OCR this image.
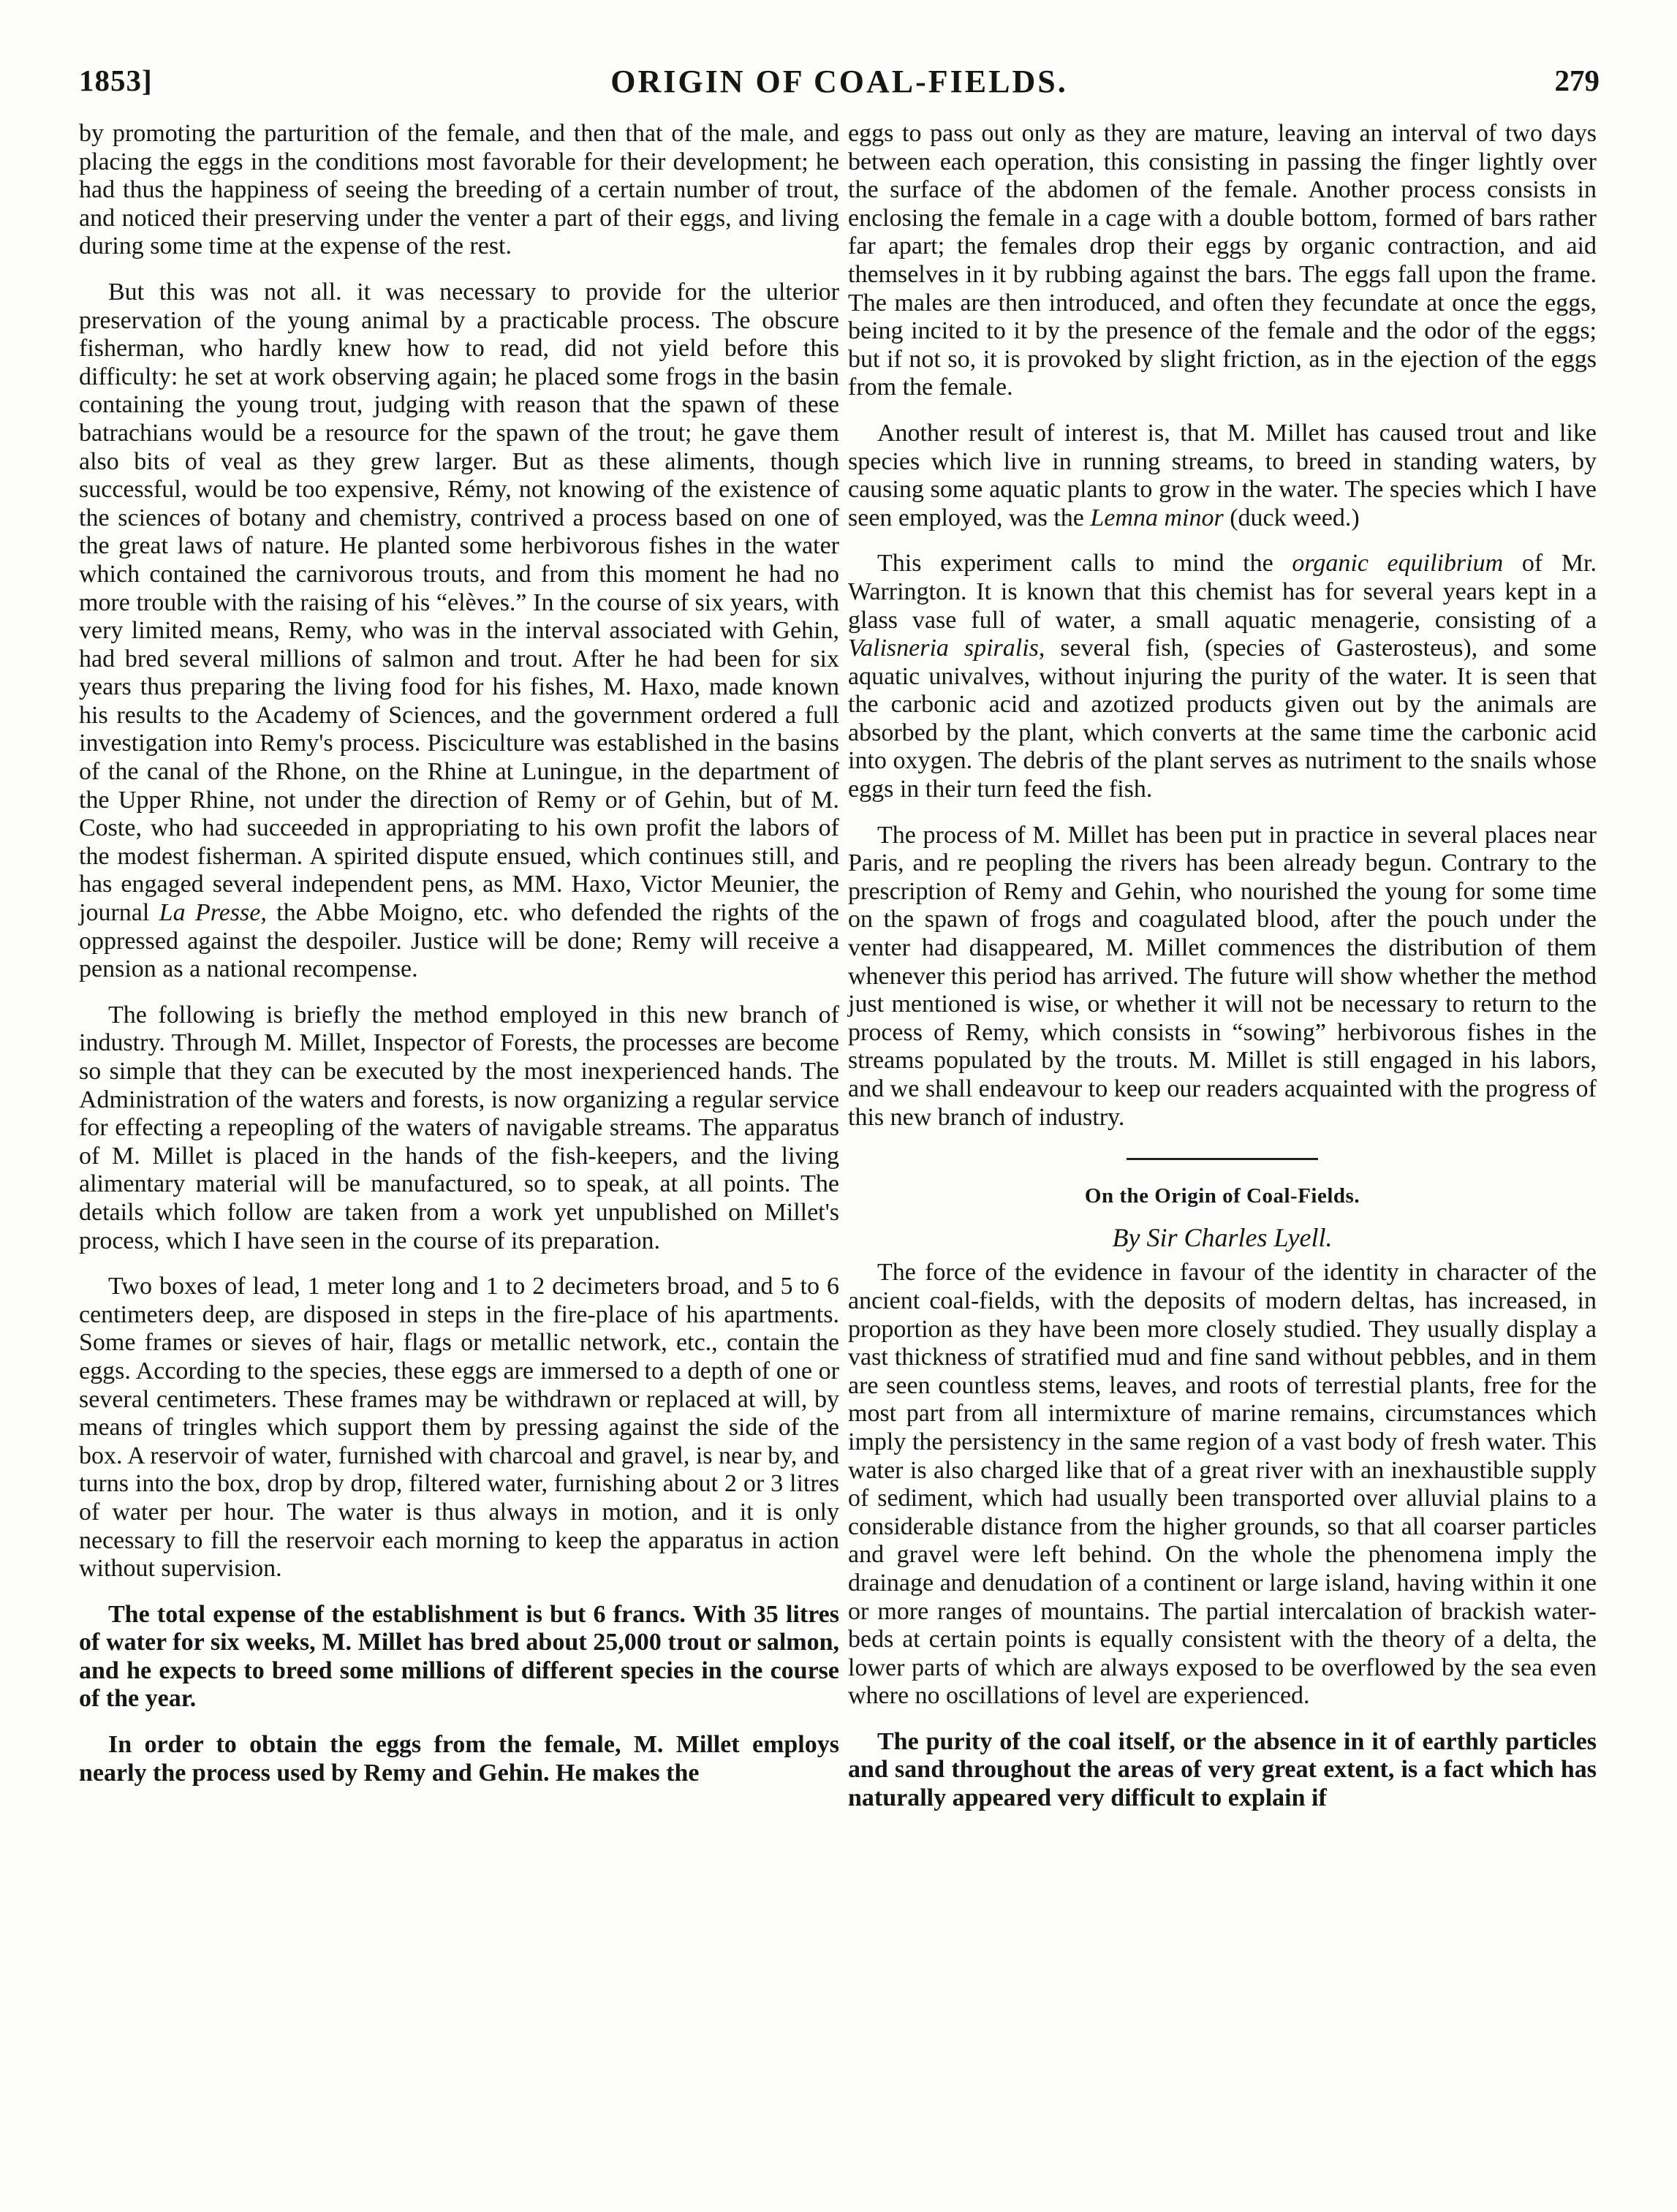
1853]	ORIGIN OF COAL-FIELDS.	279

by promoting the parturition of the female, and then that of the male, and placing the eggs in the conditions most favorable for their development; he had thus the happiness of seeing the breeding of a certain number of trout, and noticed their preserving under the venter a part of their eggs, and living during some time at the expense of the rest.

But this was not all. it was necessary to provide for the ulterior preservation of the young animal by a practicable process. The obscure fisherman, who hardly knew how to read, did not yield before this difficulty: he set at work observing again; he placed some frogs in the basin containing the young trout, judging with reason that the spawn of these batrachians would be a resource for the spawn of the trout; he gave them also bits of veal as they grew larger. But as these aliments, though successful, would be too expensive, Rémy, not knowing of the existence of the sciences of botany and chemistry, contrived a process based on one of the great laws of nature. He planted some herbivorous fishes in the water which contained the carnivorous trouts, and from this moment he had no more trouble with the raising of his “elèves.” In the course of six years, with very limited means, Remy, who was in the interval associated with Gehin, had bred several millions of salmon and trout. After he had been for six years thus preparing the living food for his fishes, M. Haxo, made known his results to the Academy of Sciences, and the government ordered a full investigation into Remy's process. Pisciculture was established in the basins of the canal of the Rhone, on the Rhine at Luningue, in the department of the Upper Rhine, not under the direction of Remy or of Gehin, but of M. Coste, who had succeeded in appropriating to his own profit the labors of the modest fisherman. A spirited dispute ensued, which continues still, and has engaged several independent pens, as MM. Haxo, Victor Meunier, the journal La Presse, the Abbe Moigno, etc. who defended the rights of the oppressed against the despoiler. Justice will be done; Remy will receive a pension as a national recompense.

The following is briefly the method employed in this new branch of industry. Through M. Millet, Inspector of Forests, the processes are become so simple that they can be executed by the most inexperienced hands. The Administration of the waters and forests, is now organizing a regular service for effecting a repeopling of the waters of navigable streams. The apparatus of M. Millet is placed in the hands of the fish-keepers, and the living alimentary material will be manufactured, so to speak, at all points. The details which follow are taken from a work yet unpublished on Millet's process, which I have seen in the course of its preparation.

Two boxes of lead, 1 meter long and 1 to 2 decimeters broad, and 5 to 6 centimeters deep, are disposed in steps in the fire-place of his apartments. Some frames or sieves of hair, flags or metallic network, etc., contain the eggs. According to the species, these eggs are immersed to a depth of one or several centimeters. These frames may be withdrawn or replaced at will, by means of tringles which support them by pressing against the side of the box. A reservoir of water, furnished with charcoal and gravel, is near by, and turns into the box, drop by drop, filtered water, furnishing about 2 or 3 litres of water per hour. The water is thus always in motion, and it is only necessary to fill the reservoir each morning to keep the apparatus in action without supervision.

The total expense of the establishment is but 6 francs. With 35 litres of water for six weeks, M. Millet has bred about 25,000 trout or salmon, and he expects to breed some millions of different species in the course of the year.

In order to obtain the eggs from the female, M. Millet employs nearly the process used by Remy and Gehin. He makes the

eggs to pass out only as they are mature, leaving an interval of two days between each operation, this consisting in passing the finger lightly over the surface of the abdomen of the female. Another process consists in enclosing the female in a cage with a double bottom, formed of bars rather far apart; the females drop their eggs by organic contraction, and aid themselves in it by rubbing against the bars. The eggs fall upon the frame. The males are then introduced, and often they fecundate at once the eggs, being incited to it by the presence of the female and the odor of the eggs; but if not so, it is provoked by slight friction, as in the ejection of the eggs from the female.

Another result of interest is, that M. Millet has caused trout and like species which live in running streams, to breed in standing waters, by causing some aquatic plants to grow in the water. The species which I have seen employed, was the Lemna minor (duck weed.)

This experiment calls to mind the organic equilibrium of Mr. Warrington. It is known that this chemist has for several years kept in a glass vase full of water, a small aquatic menagerie, consisting of a Valisneria spiralis, several fish, (species of Gasterosteus), and some aquatic univalves, without injuring the purity of the water. It is seen that the carbonic acid and azotized products given out by the animals are absorbed by the plant, which converts at the same time the carbonic acid into oxygen. The debris of the plant serves as nutriment to the snails whose eggs in their turn feed the fish.

The process of M. Millet has been put in practice in several places near Paris, and re peopling the rivers has been already begun. Contrary to the prescription of Remy and Gehin, who nourished the young for some time on the spawn of frogs and coagulated blood, after the pouch under the venter had disappeared, M. Millet commences the distribution of them whenever this period has arrived. The future will show whether the method just mentioned is wise, or whether it will not be necessary to return to the process of Remy, which consists in “sowing” herbivorous fishes in the streams populated by the trouts. M. Millet is still engaged in his labors, and we shall endeavour to keep our readers acquainted with the progress of this new branch of industry.

On the Origin of Coal-Fields.
By Sir Charles Lyell.

The force of the evidence in favour of the identity in character of the ancient coal-fields, with the deposits of modern deltas, has increased, in proportion as they have been more closely studied. They usually display a vast thickness of stratified mud and fine sand without pebbles, and in them are seen countless stems, leaves, and roots of terrestial plants, free for the most part from all intermixture of marine remains, circumstances which imply the persistency in the same region of a vast body of fresh water. This water is also charged like that of a great river with an inexhaustible supply of sediment, which had usually been transported over alluvial plains to a considerable distance from the higher grounds, so that all coarser particles and gravel were left behind. On the whole the phenomena imply the drainage and denudation of a continent or large island, having within it one or more ranges of mountains. The partial intercalation of brackish water-beds at certain points is equally consistent with the theory of a delta, the lower parts of which are always exposed to be overflowed by the sea even where no oscillations of level are experienced.

The purity of the coal itself, or the absence in it of earthly particles and sand throughout the areas of very great extent, is a fact which has naturally appeared very difficult to explain if
